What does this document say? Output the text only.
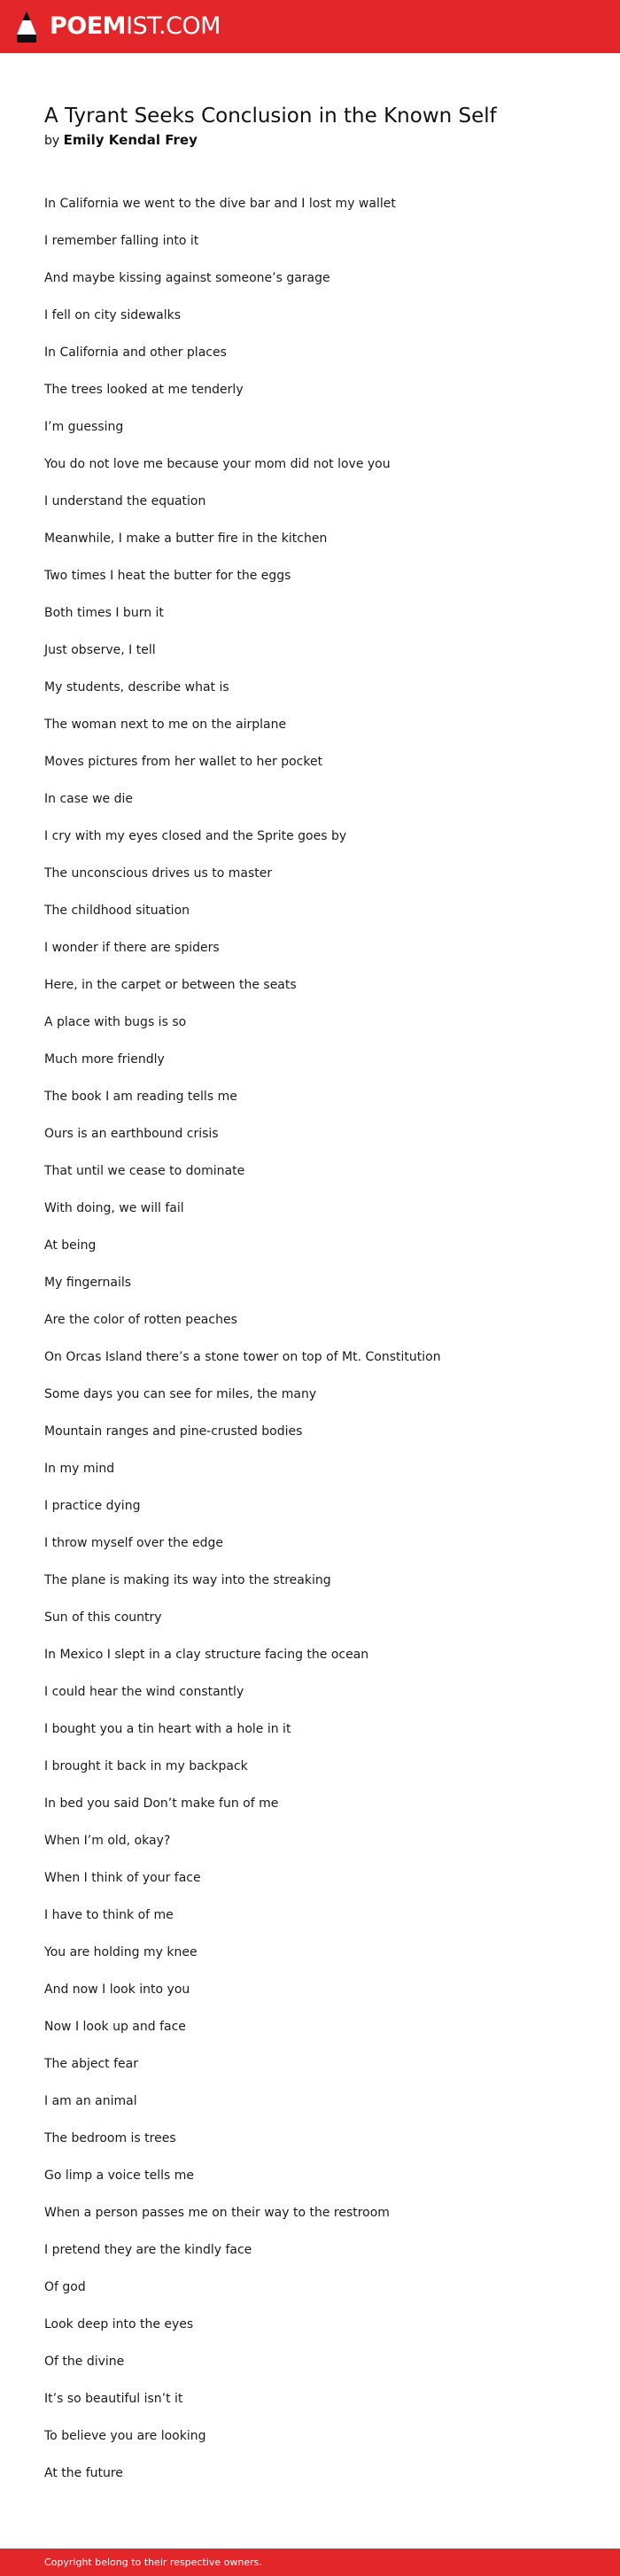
POEMIST.COM
A Tyrant Seeks Conclusion in the Known Self
by Emily Kendal Frey
In California we went to the dive bar and I lost my wallet
I remember falling into it
And maybe kissing against someone’s garage
I fell on city sidewalks
In California and other places
The trees looked at me tenderly
I’m guessing
You do not love me because your mom did not love you
I understand the equation
Meanwhile, I make a butter fire in the kitchen
Two times I heat the butter for the eggs
Both times I burn it
Just observe, I tell
My students, describe what is
The woman next to me on the airplane
Moves pictures from her wallet to her pocket
In case we die
I cry with my eyes closed and the Sprite goes by
The unconscious drives us to master
The childhood situation
I wonder if there are spiders
Here, in the carpet or between the seats
A place with bugs is so
Much more friendly
The book I am reading tells me
Ours is an earthbound crisis
That until we cease to dominate
With doing, we will fail
At being
My fingernails
Are the color of rotten peaches
On Orcas Island there’s a stone tower on top of Mt. Constitution
Some days you can see for miles, the many
Mountain ranges and pine-crusted bodies
In my mind
I practice dying
I throw myself over the edge
The plane is making its way into the streaking
Sun of this country
In Mexico I slept in a clay structure facing the ocean
I could hear the wind constantly
I bought you a tin heart with a hole in it
I brought it back in my backpack
In bed you said Don’t make fun of me
When I’m old, okay?
When I think of your face
I have to think of me
You are holding my knee
And now I look into you
Now I look up and face
The abject fear
I am an animal
The bedroom is trees
Go limp a voice tells me
When a person passes me on their way to the restroom
I pretend they are the kindly face
Of god
Look deep into the eyes
Of the divine
It’s so beautiful isn’t it
To believe you are looking
At the future
Copyright belong to their respective owners.
